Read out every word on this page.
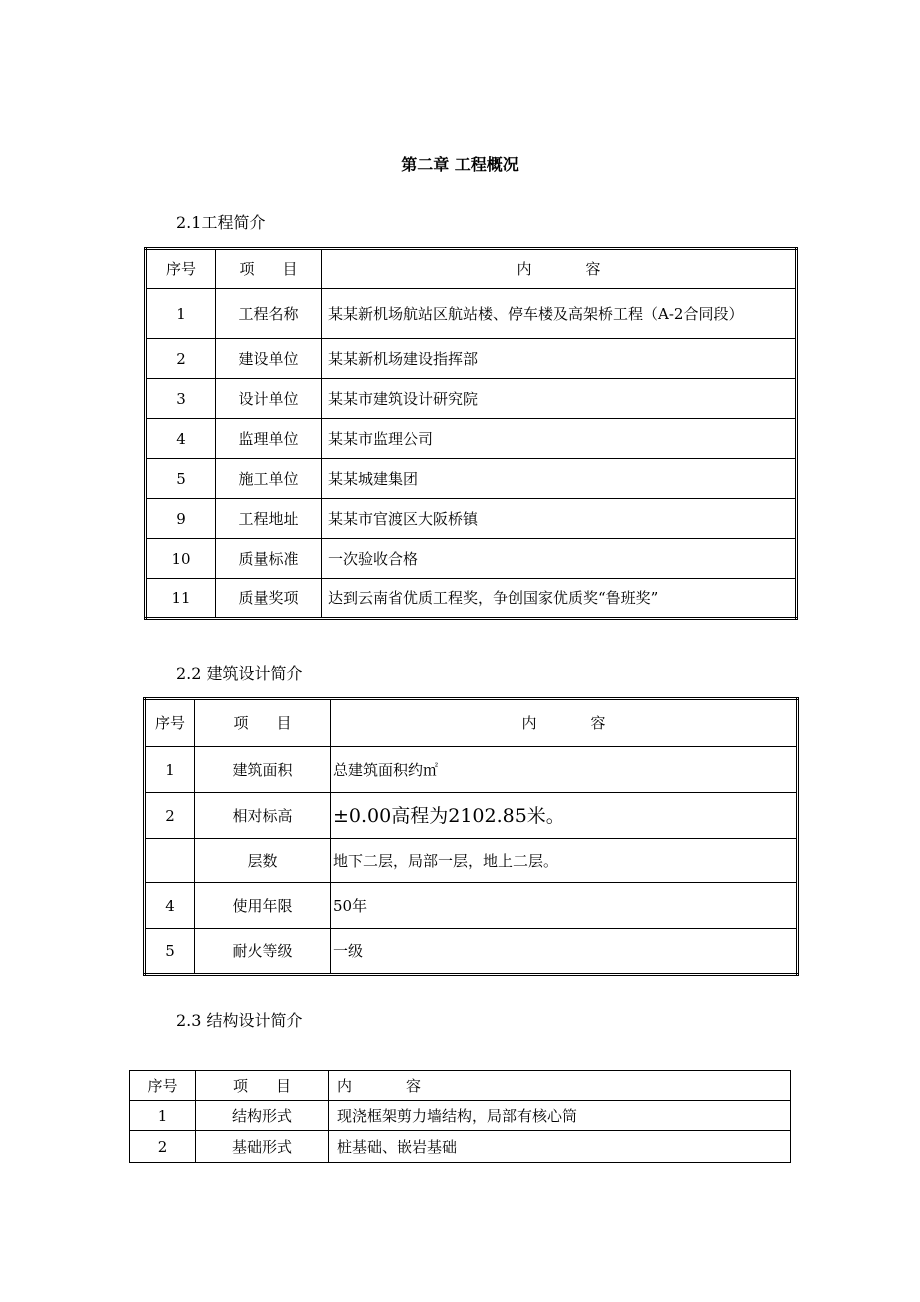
第二章 工程概况
2.1工程简介
序号	项 目	内 容
1	工程名称	某某新机场航站区航站楼、停车楼及高架桥工程（A-2合同段）
2	建设单位	某某新机场建设指挥部
3	设计单位	某某市建筑设计研究院
4	监理单位	某某市监理公司
5	施工单位	某某城建集团
9	工程地址	某某市官渡区大阪桥镇
10	质量标准	一次验收合格
11	质量奖项	达到云南省优质工程奖，争创国家优质奖“鲁班奖”
2.2 建筑设计简介
序号	项 目	内 容
1	建筑面积	总建筑面积约㎡
2	相对标高	±0.00高程为2102.85米。
	层数	地下二层，局部一层，地上二层。
4	使用年限	50年
5	耐火等级	一级
2.3 结构设计简介
序号	项 目	内 容
1	结构形式	现浇框架剪力墙结构，局部有核心筒
2	基础形式	桩基础、嵌岩基础
